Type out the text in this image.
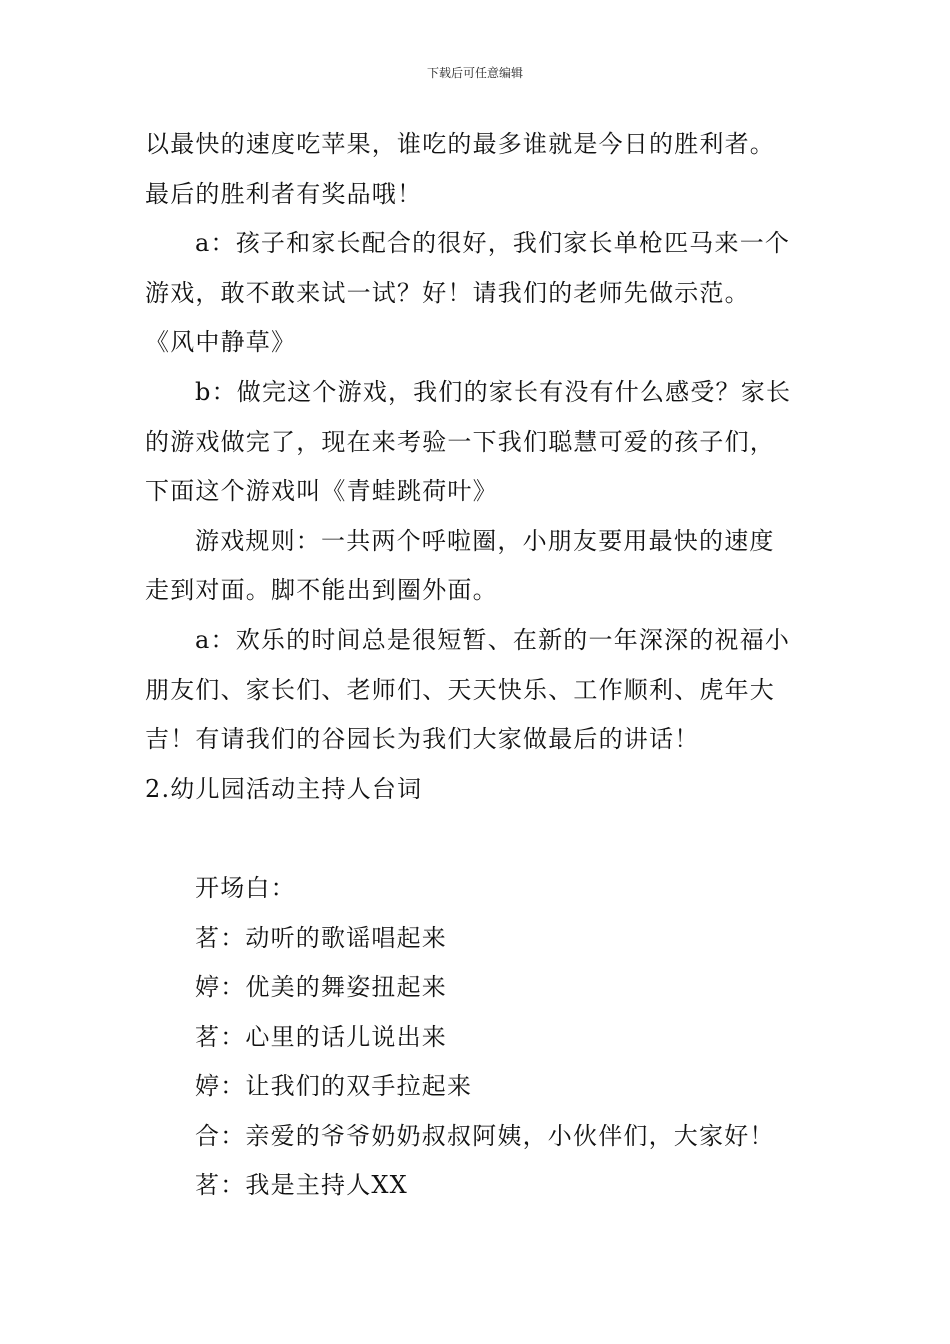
下载后可任意编辑

以最快的速度吃苹果，谁吃的最多谁就是今日的胜利者。

最后的胜利者有奖品哦！

a：孩子和家长配合的很好，我们家长单枪匹马来一个

游戏，敢不敢来试一试？好！请我们的老师先做示范。

《风中静草》

b：做完这个游戏，我们的家长有没有什么感受？家长

的游戏做完了，现在来考验一下我们聪慧可爱的孩子们，

下面这个游戏叫《青蛙跳荷叶》

游戏规则：一共两个呼啦圈，小朋友要用最快的速度

走到对面。脚不能出到圈外面。

a：欢乐的时间总是很短暂、在新的一年深深的祝福小

朋友们、家长们、老师们、天天快乐、工作顺利、虎年大

吉！有请我们的谷园长为我们大家做最后的讲话！

2.幼儿园活动主持人台词

开场白：

茗：动听的歌谣唱起来

婷：优美的舞姿扭起来

茗：心里的话儿说出来

婷：让我们的双手拉起来

合：亲爱的爷爷奶奶叔叔阿姨，小伙伴们，大家好！

茗：我是主持人XX
